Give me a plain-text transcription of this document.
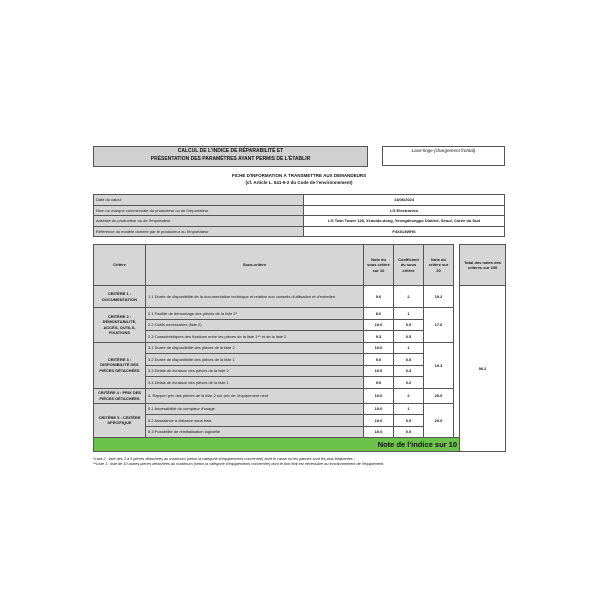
CALCUL DE L'INDICE DE RÉPARABILITÉ ET
PRÉSENTATION DES PARAMÈTRES AYANT PERMIS DE L'ÉTABLIR
Lave-linge (chargement frontal)
FICHE D'INFORMATION À TRANSMETTRE AUX DEMANDEURS
(cf. Article L. 541-9-2 du Code de l'environnement)
Date du calcul	14/06/2024
Nom ou marque commerciale du producteur ou de l'importateur	LG Electronics
Adresse du producteur ou de l'importateur	LG Twin Tower 128, Yeouido-dong, Yeongdeungpo District, Seoul, Corée du Sud
Référence du modèle donnée par le producteur ou l'importateur	F4X813WHS
Critère	Sous-critère	Note du sous critère sur 10	Coefficient du sous critère	Note du critère sur 20		Total des notes des critères sur 100	
CRITÈRE 1 : DOCUMENTATION	1.1 Durée de disponibilité de la documentation technique et relative aux conseils d'utilisation et d'entretien	9.6	2	19.2		96.2	
CRITÈRE 2 : DÉMONTABILITÉ, ACCÈS, OUTILS, FIXATIONS	2.1 Facilité de démontage des pièces de la liste 2*	8.0	1	17.6			
	2.2 Outils nécessaires (liste 2)	10.0	0.5				
	2.3 Caractéristiques des fixations entre les pièces de la liste 1** et de la liste 2	9.3	0.5				
CRITÈRE 3 : DISPONIBILITÉ DES PIÈCES DÉTACHÉES	3.1 Durée de disponibilité des pièces de la liste 2	10.0	1	19.3			
	3.2 Durée de disponibilité des pièces de la liste 1	9.0	0.5				
	3.3 Délais de livraison des pièces de la liste 2	10.0	0.3				
	3.4 Délais de livraison des pièces de la liste 1	9.0	0.2				
CRITÈRE 4 : PRIX DES PIÈCES DÉTACHÉES	4. Rapport prix des pièces de la liste 2 sur prix de l'équipement neuf	10.0	2	20.0			
CRITÈRE 5 : CRITÈRE SPÉCIFIQUE	5.1 Accessibilité du compteur d'usage	10.0	1	20.0			
	5.2 Assistance à distance sans frais	10.0	0.5				
	5.3 Possibilité de réinitialisation logicielle	10.0	0.5				
Note de l'indice sur 10	
*Liste 2 : liste des 3 à 5 pièces détachées au maximum (selon la catégorie d'équipements concernée) dont le casse ou les pannes sont les plus fréquentes ;
**Liste 1 : liste de 10 autres pièces détachées au maximum (selon la catégorie d'équipements concernée) dont le bon état est nécessaire au fonctionnement de l'équipement.
